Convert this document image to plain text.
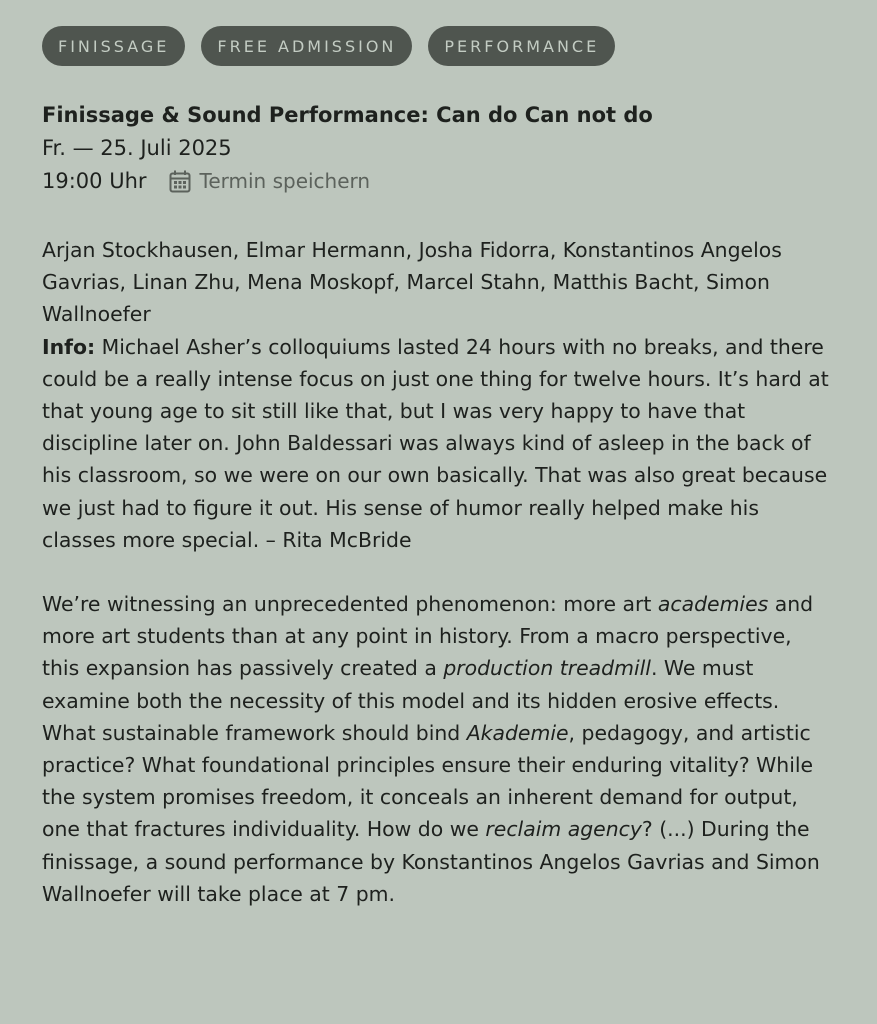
FINISSAGE	FREE ADMISSION	PERFORMANCE
Finissage & Sound Performance: Can do Can not do
Fr. — 25. Juli 2025
19:00 Uhr	Termin speichern

Arjan Stockhausen, Elmar Hermann, Josha Fidorra, Konstantinos Angelos Gavrias, Linan Zhu, Mena Moskopf, Marcel Stahn, Matthis Bacht, Simon Wallnoefer
Info: Michael Asher’s colloquiums lasted 24 hours with no breaks, and there could be a really intense focus on just one thing for twelve hours. It’s hard at that young age to sit still like that, but I was very happy to have that discipline later on. John Baldessari was always kind of asleep in the back of his classroom, so we were on our own basically. That was also great because we just had to figure it out. His sense of humor really helped make his classes more special. – Rita McBride

We’re witnessing an unprecedented phenomenon: more art academies and more art students than at any point in history. From a macro perspective, this expansion has passively created a production treadmill. We must examine both the necessity of this model and its hidden erosive effects. What sustainable framework should bind Akademie, pedagogy, and artistic practice? What foundational principles ensure their enduring vitality? While the system promises freedom, it conceals an inherent demand for output, one that fractures individuality. How do we reclaim agency? (...) During the finissage, a sound performance by Konstantinos Angelos Gavrias and Simon Wallnoefer will take place at 7 pm.
